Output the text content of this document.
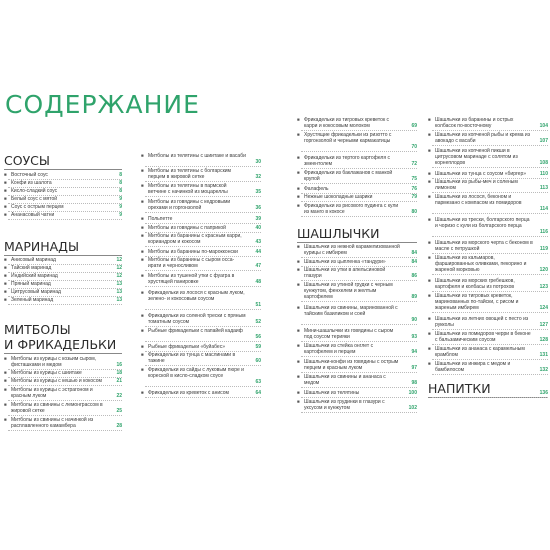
СОДЕРЖАНИЕ
СОУСЫ
■ Восточный соус	8
■ Конфи из шалота	8
■ Кисло-сладкий соус	8
■ Белый соус с мятой	9
■ Соус с острым перцем	9
■ Ананасовый чатни	9
МАРИНАДЫ
■ Анисовый маринад	12
■ Тайский маринад	12
■ Индийский маринад	12
■ Пряный маринад	13
■ Цитрусовый маринад	13
■ Зеленый маринад	13
МИТБОЛЫ
И ФРИКАДЕЛЬКИ
■ Митболы из курицы с козьим сыром, фисташками и медом	16
■ Митболы из курицы с шиитаке	18
■ Митболы из курицы с кешью и кокосом	21
■ Митболы из курицы с эстрагоном и красным луком	22
■ Митболы из свинины с лемонграссом в жировой сетке	25
■ Митболы из свинины с начинкой из расплавленного камамбера	28
■ Митболы из телятины с шиитаке и васаби
30
■ Митболы из телятины с болгарским перцем в жировой сетке	32
■ Митболы из телятины в пармской ветчине с начинкой из моцареллы	35
■ Митболы из говядины с кедровыми орехами и горгонзолой	36
■ Польпетте	39
■ Митболы из говядины с паприкой	40
■ Митболы из баранины с красным карри, кориандром и кокосом	43
■ Митболы из баранины по-марокконски	44
■ Митболы из баранины с сыром осса-ирати и черносливом	47
■ Митболы из тушеной утки с фуагра в хрустящей панировке	48
■ Фрикадельки из лосося с красным луком, зелено- и кокосовым соусом
51
■ Фрикадельки из соленой трески с пряным томатным соусом	52
■ Рыбные фрикадельки с папайей кадаиф
56
■ Рыбные фрикадельки «буйабес»	59
■ Фрикадельки из тунца с маслинами в тажине	60
■ Фрикадельки из сайды с луковым пюре и кореской в кисло-сладком соусе
63
■ Фрикадельки из креветок с анисом	64
■ Фрикадельки из тигровых креветок с карри и кокосовым молоком	69
■ Хрустящие фрикадельки из ризотто с горгонзолой и черными кармакатицы
70
■ Фрикадельки из тертого картофеля с змеентолем	72
■ Фрикадельки из баклажанов с манкой крупой	75
■ Фалафель	76
■ Нежные шоколадные шарики	79
■ Фрикадельки из рисового пудинга с кули из манго в кокосе	80
ШАШЛЫЧКИ
■ Шашлычки из нежной карамелизованной курицы с имбирем	84
■ Шашлычки из цыпленка «тандури»	84
■ Шашлычки из утки в апельсиновой глазури	86
■ Шашлычки из утиной грудки с черным кунжутом, фенхелем и желтым картофелем	89
■ Шашлычки из свинины, маринованной с тайским базиликом и соей
90
■ Мини-шашлычки из говядины с сыром под соусом терияки	93
■ Шашлычки из стейка онглет с картофелем и перцем	94
■ Шашлычки-конфи из говядины с острым перцем и красным луком	97
■ Шашлычки из свинины и ананаса с медом	98
■ Шашлычки из телятины	100
■ Шашлычки из грудинки в глазури с уксусом и кунжутом	102
■ Шашлычки из баранины и острых колбасок по-восточному	104
■ Шашлычки из копченой рыбы и крема из авокадо с васаби	107
■ Шашлычки из копченой пикши в цитрусовом маринаде с солятом из корнеплодов	108
■ Шашлычки из тунца с соусом «биргер»	110
■ Шашлычки из рыбы-меч и соленым лимоном	113
■ Шашлычки из лосося, беконом и пармезано с компасом из помидоров
114
■ Шашлычки из трески, болгарского перца и чоризо с кули из болгарского перца
116
■ Шашлычки из морского черта с беконом в масле с петрушкой	119
■ Шашлычки из кальмаров, фаршированных оливками, пекорино и жареной морковью	120
■ Шашлычки из морских гребешков, картофеля и колбасы из потрохов	123
■ Шашлычки из тигровых креветок, маринованных по-тайски, с рисом и жареным имбирем	124
■ Шашлычки из летних овощей с песто из рукколы	127
■ Шашлычки из помидоров черри в беконе с бальзамическим соусом	128
■ Шашлычки из ананаса с карамельным крамблом	131
■ Шашлычки из инжира с медом и бамбилосом	132
НАПИТКИ	136
